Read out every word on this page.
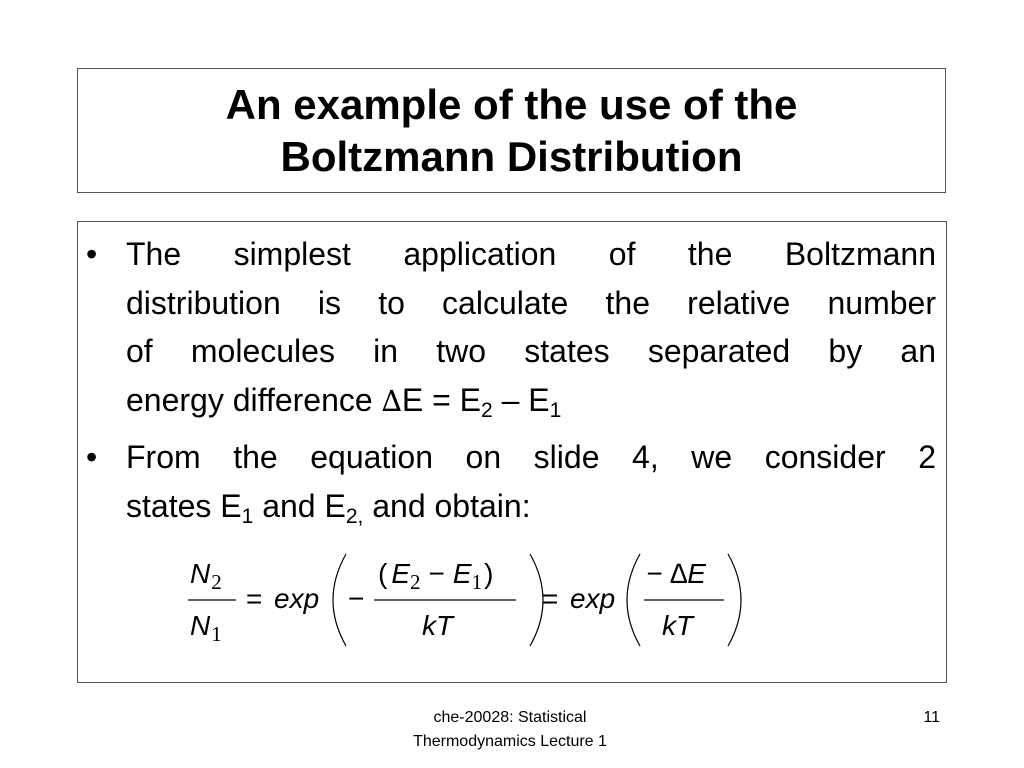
An example of the use of the
Boltzmann Distribution
• The simplest application of the Boltzmann
distribution is to calculate the relative number
of molecules in two states separated by an
energy difference $\Delta E = E_2 - E_1$
• From the equation on slide 4, we consider 2
states $E_1$ and $E_{2,}$ and obtain:
$N_2$
$N_1$
= exp −
( $E_2 - E_1$)
kT
= exp
− ∆E
kT
che-20028: Statistical
Thermodynamics Lecture 1
11
